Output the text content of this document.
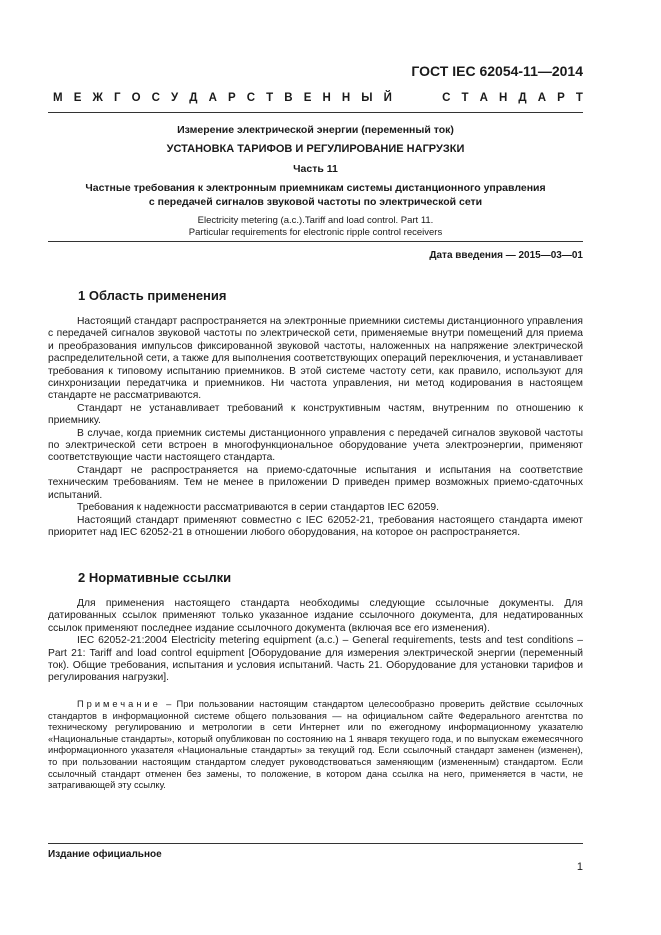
ГОСТ IEC 62054-11—2014
М Е Ж Г О С У Д А Р С Т В Е Н Н Ы Й	С Т А Н Д А Р Т
Измерение электрической энергии (переменный ток)
УСТАНОВКА ТАРИФОВ И РЕГУЛИРОВАНИЕ НАГРУЗКИ
Часть 11
Частные требования к электронным приемникам системы дистанционного управления
с передачей сигналов звуковой частоты по электрической сети
Electricity metering (a.c.).Tariff and load control. Part 11.
Particular requirements for electronic ripple control receivers
Дата введения — 2015—03—01
1 Область применения

Настоящий стандарт распространяется на электронные приемники системы дистанционного управления с передачей сигналов звуковой частоты по электрической сети, применяемые внутри помещений для приема и преобразования импульсов фиксированной звуковой частоты, наложенных на напряжение электрической распределительной сети, а также для выполнения соответствующих операций переключения, и устанавливает требования к типовому испытанию приемников. В этой системе частоту сети, как правило, используют для синхронизации передатчика и приемников. Ни частота управления, ни метод кодирования в настоящем стандарте не рассматриваются.

Стандарт не устанавливает требований к конструктивным частям, внутренним по отношению к приемнику.

В случае, когда приемник системы дистанционного управления с передачей сигналов звуковой частоты по электрической сети встроен в многофункциональное оборудование учета электроэнергии, применяют соответствующие части настоящего стандарта.

Стандарт не распространяется на приемо-сдаточные испытания и испытания на соответствие техническим требованиям. Тем не менее в приложении D приведен пример возможных приемо-сдаточных испытаний.

Требования к надежности рассматриваются в серии стандартов IEC 62059.

Настоящий стандарт применяют совместно с IEC 62052-21, требования настоящего стандарта имеют приоритет над IEC 62052-21 в отношении любого оборудования, на которое он распространяется.

2 Нормативные ссылки

Для применения настоящего стандарта необходимы следующие ссылочные документы. Для датированных ссылок применяют только указанное издание ссылочного документа, для недатированных ссылок применяют последнее издание ссылочного документа (включая все его изменения).

IEC 62052-21:2004 Electricity metering equipment (a.c.) – General requirements, tests and test conditions – Part 21: Tariff and load control equipment [Оборудование для измерения электрической энергии (переменный ток). Общие требования, испытания и условия испытаний. Часть 21. Оборудование для установки тарифов и регулирования нагрузки].

Примечание – При пользовании настоящим стандартом целесообразно проверить действие ссылочных стандартов в информационной системе общего пользования — на официальном сайте Федерального агентства по техническому регулированию и метрологии в сети Интернет или по ежегодному информационному указателю «Национальные стандарты», который опубликован по состоянию на 1 января текущего года, и по выпускам ежемесячного информационного указателя «Национальные стандарты» за текущий год. Если ссылочный стандарт заменен (изменен), то при пользовании настоящим стандартом следует руководствоваться заменяющим (измененным) стандартом. Если ссылочный стандарт отменен без замены, то положение, в котором дана ссылка на него, применяется в части, не затрагивающей эту ссылку.
Издание официальное
1
